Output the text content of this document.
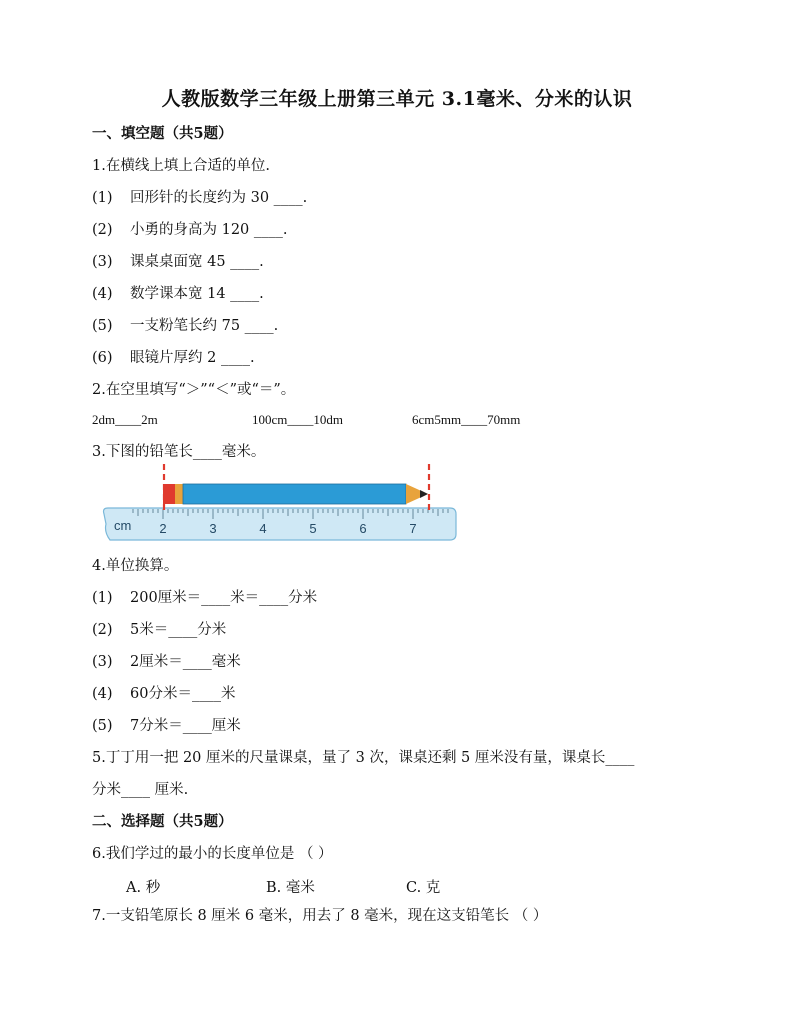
人教版数学三年级上册第三单元 3.1毫米、分米的认识
一、填空题（共5题）
1.在横线上填上合适的单位.
(1) 回形针的长度约为 30 ____.
(2) 小勇的身高为 120 ____.
(3) 课桌桌面宽 45 ____.
(4) 数学课本宽 14 ____.
(5) 一支粉笔长约 75 ____.
(6) 眼镜片厚约 2 ____.
2.在空里填写“＞”“＜”或“＝”。
2dm____2m	100cm____10dm	6cm5mm____70mm
3.下图的铅笔长____毫米。
cm 2	3	4	5	6	7
4.单位换算。
(1) 200厘米＝____米＝____分米
(2) 5米＝____分米
(3) 2厘米＝____毫米
(4) 60分米＝____米
(5) 7分米＝____厘米
5.丁丁用一把 20 厘米的尺量课桌，量了 3 次，课桌还剩 5 厘米没有量，课桌长____
分米____ 厘米.
二、选择题（共5题）
6.我们学过的最小的长度单位是 （ ）
A. 秒	B. 毫米	C. 克
7.一支铅笔原长 8 厘米 6 毫米，用去了 8 毫米，现在这支铅笔长 （ ）
